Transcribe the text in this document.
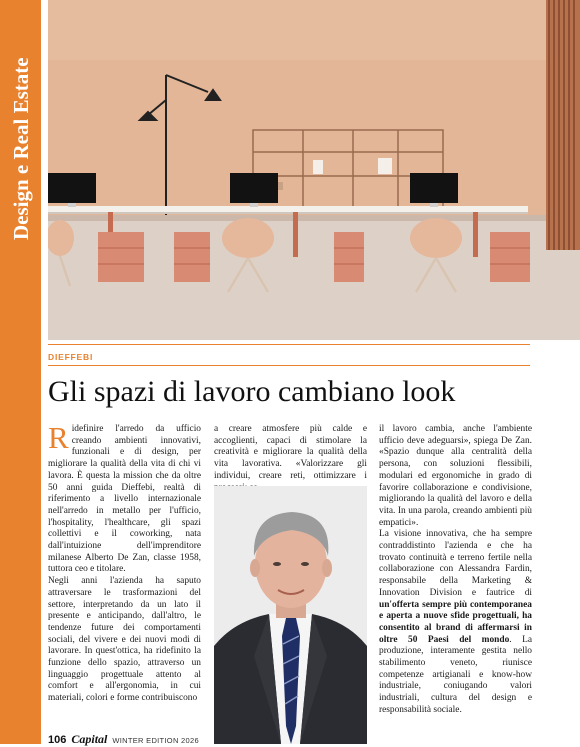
Design e Real Estate
DIEFFEBI
Gli spazi di lavoro cambiano look

Ridefinire l'arredo da ufficio creando ambienti innovativi, funzionali e di design, per migliorare la qualità della vita di chi vi lavora. È questa la mission che da oltre 50 anni guida Dieffebi, realtà di riferimento a livello internazionale nell'arredo in metallo per l'ufficio, l'hospitality, l'healthcare, gli spazi collettivi e il coworking, nata dall'intuizione dell'imprenditore milanese Alberto De Zan, classe 1958, tuttora ceo e titolare.

Negli anni l'azienda ha saputo attraversare le trasformazioni del settore, interpretando da un lato il presente e anticipando, dall'altro, le tendenze future dei comportamenti sociali, del vivere e dei nuovi modi di lavorare. In quest'ottica, ha ridefinito la funzione dello spazio, attraverso un linguaggio progettuale attento al comfort e all'ergonomia, in cui materiali, colori e forme contribuiscono

a creare atmosfere più calde e accoglienti, capaci di stimolare la creatività e migliorare la qualità della vita lavorativa. «Valorizzare gli individui, creare reti, ottimizzare i

il lavoro cambia, anche l'ambiente ufficio deve adeguarsi», spiega De Zan. «Spazio dunque alla centralità della persona, con soluzioni flessibili, modulari ed ergonomiche in grado di favorire collaborazione e condivisione, migliorando la qualità del lavoro e della vita. In una parola, creando ambienti più empatici».

La visione innovativa, che ha sempre contraddistinto l'azienda e che ha trovato continuità e terreno fertile nella collaborazione con Alessandra Fardin, responsabile della Marketing & Innovation Division e fautrice di un'offerta sempre più contemporanea e aperta a nuove sfide progettuali, ha consentito al brand di affermarsi in oltre 50 Paesi del mondo. La produzione, interamente gestita nello stabilimento veneto, riunisce competenze artigianali e know-how industriale, coniugando valori industriali, cultura del design e responsabilità sociale.

106 Capital WINTER EDITION 2026
